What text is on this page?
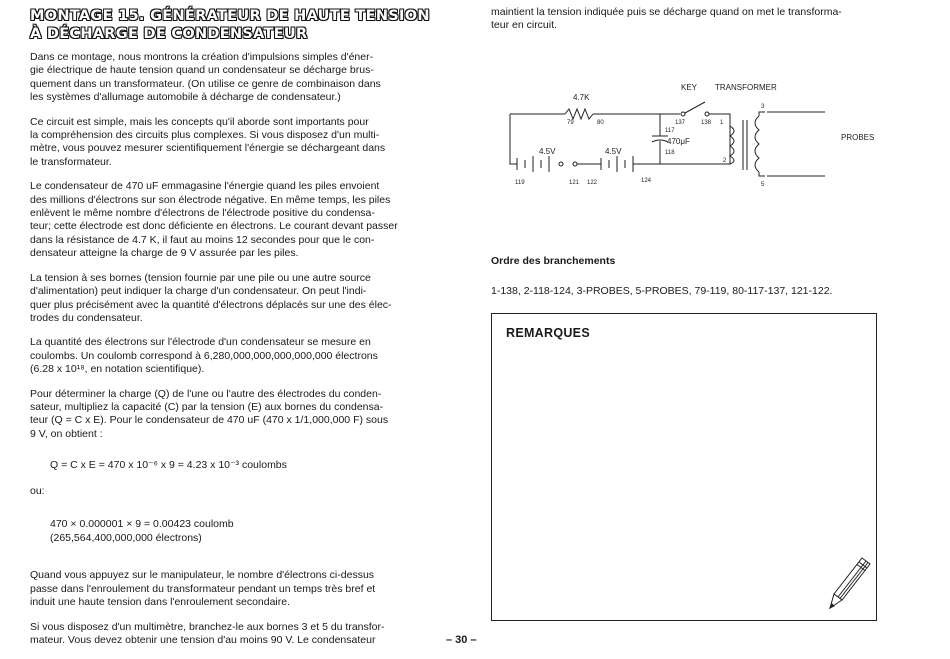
MONTAGE 15. GÉNÉRATEUR DE HAUTE TENSION
À DÉCHARGE DE CONDENSATEUR

Dans ce montage, nous montrons la création d'impulsions simples d'éner-
gie électrique de haute tension quand un condensateur se décharge brus-
quement dans un transformateur. (On utilise ce genre de combinaison dans
les systèmes d'allumage automobile à décharge de condensateur.)

Ce circuit est simple, mais les concepts qu'il aborde sont importants pour
la compréhension des circuits plus complexes. Si vous disposez d'un multi-
mètre, vous pouvez mesurer scientifiquement l'énergie se déchargeant dans
le transformateur.

Le condensateur de 470 uF emmagasine l'énergie quand les piles envoient
des millions d'électrons sur son électrode négative. En même temps, les piles
enlèvent le même nombre d'électrons de l'électrode positive du condensa-
teur; cette électrode est donc déficiente en électrons. Le courant devant passer
dans la résistance de 4.7 K, il faut au moins 12 secondes pour que le con-
densateur atteigne la charge de 9 V assurée par les piles.

La tension à ses bornes (tension fournie par une pile ou une autre source
d'alimentation) peut indiquer la charge d'un condensateur. On peut l'indi-
quer plus précisément avec la quantité d'électrons déplacés sur une des élec-
trodes du condensateur.

La quantité des électrons sur l'électrode d'un condensateur se mesure en
coulombs. Un coulomb correspond à 6,280,000,000,000,000,000 électrons
(6.28 x 10¹⁸, en notation scientifique).

Pour déterminer la charge (Q) de l'une ou l'autre des électrodes du conden-
sateur, multipliez la capacité (C) par la tension (E) aux bornes du condensa-
teur (Q = C x E). Pour le condensateur de 470 uF (470 x 1/1,000,000 F) sous
9 V, on obtient :

Q = C x E = 470 x 10⁻⁶ x 9 = 4.23 x 10⁻³ coulombs

ou:

470 × 0.000001 × 9 = 0.00423 coulomb
(265,564,400,000,000 électrons)

Quand vous appuyez sur le manipulateur, le nombre d'électrons ci-dessus
passe dans l'enroulement du transformateur pendant un temps très bref et
induit une haute tension dans l'enroulement secondaire.

Si vous disposez d'un multimètre, branchez-le aux bornes 3 et 5 du transfor-
mateur. Vous devez obtenir une tension d'au moins 90 V. Le condensateur

maintient la tension indiquée puis se décharge quand on met le transforma-
teur en circuit.
4.7K
KEY TRANSFORMER
470μF
4.5V	4.5V
PROBES
79	80	137	138
117
118
119	121 122	124
1
2
3
5
Ordre des branchements
1-138, 2-118-124, 3-PROBES, 5-PROBES, 79-119, 80-117-137, 121-122.
REMARQUES
– 30 –
